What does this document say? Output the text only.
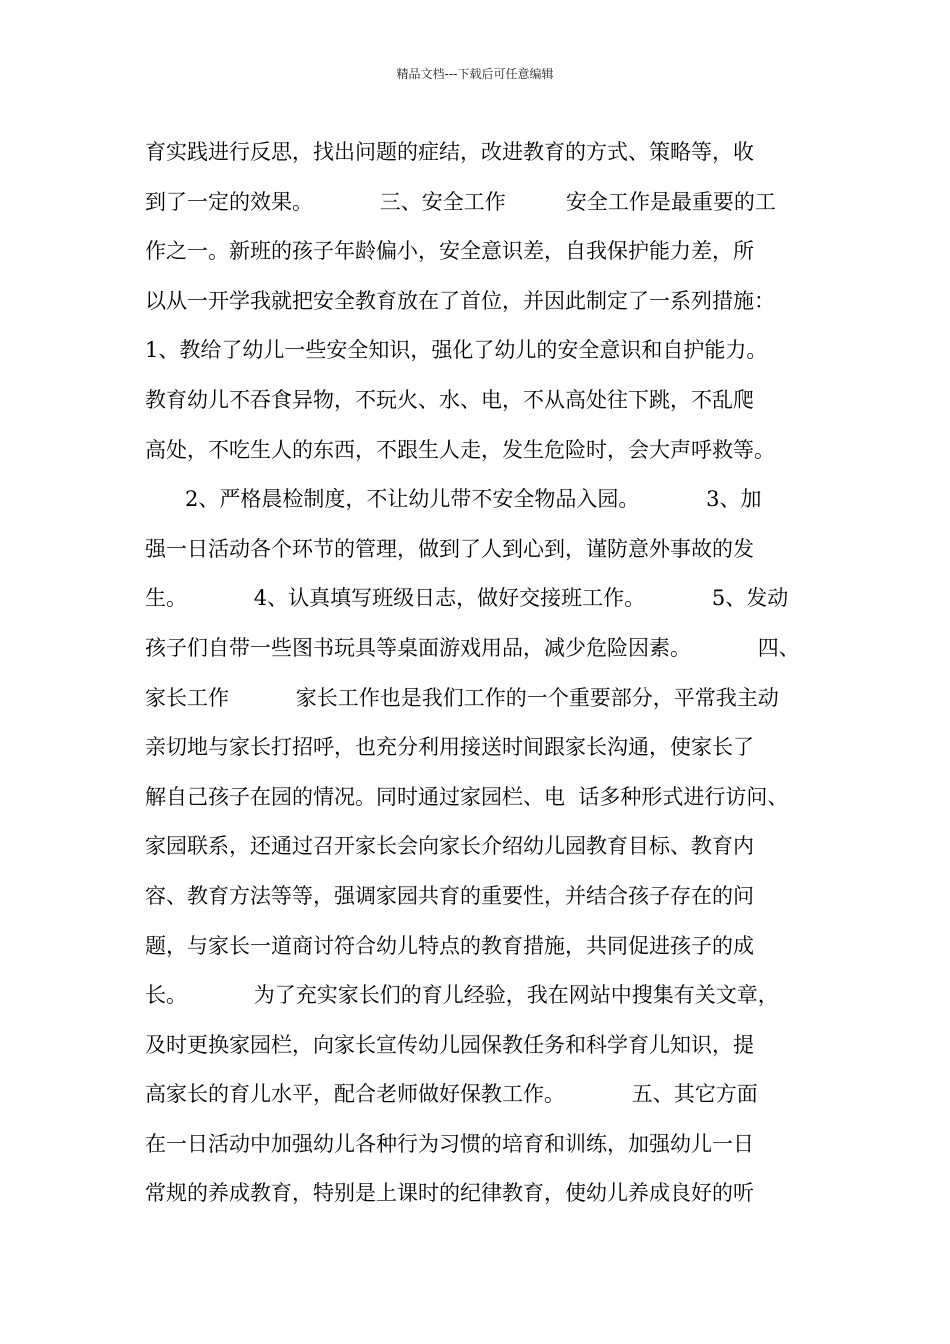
精品文档---下载后可任意编辑
育实践进行反思，找出问题的症结，改进教育的方式、策略等，收
到了一定的效果。          三、安全工作         安全工作是最重要的工
作之一。新班的孩子年龄偏小，安全意识差，自我保护能力差，所
以从一开学我就把安全教育放在了首位，并因此制定了一系列措施：
1、教给了幼儿一些安全知识，强化了幼儿的安全意识和自护能力。
教育幼儿不吞食异物，不玩火、水、电，不从高处往下跳，不乱爬
高处，不吃生人的东西，不跟生人走，发生危险时，会大声呼救等。
2、严格晨检制度，不让幼儿带不安全物品入园。          3、加
强一日活动各个环节的管理，做到了人到心到，谨防意外事故的发
生。          4、认真填写班级日志，做好交接班工作。          5、发动
孩子们自带一些图书玩具等桌面游戏用品，减少危险因素。          四、
家长工作          家长工作也是我们工作的一个重要部分，平常我主动
亲切地与家长打招呼，也充分利用接送时间跟家长沟通，使家长了
解自己孩子在园的情况。同时通过家园栏、电  话多种形式进行访问、
家园联系，还通过召开家长会向家长介绍幼儿园教育目标、教育内
容、教育方法等等，强调家园共育的重要性，并结合孩子存在的问
题，与家长一道商讨符合幼儿特点的教育措施，共同促进孩子的成
长。          为了充实家长们的育儿经验，我在网站中搜集有关文章，
及时更换家园栏，向家长宣传幼儿园保教任务和科学育儿知识，提
高家长的育儿水平，配合老师做好保教工作。          五、其它方面
在一日活动中加强幼儿各种行为习惯的培育和训练，加强幼儿一日
常规的养成教育，特别是上课时的纪律教育，使幼儿养成良好的听
